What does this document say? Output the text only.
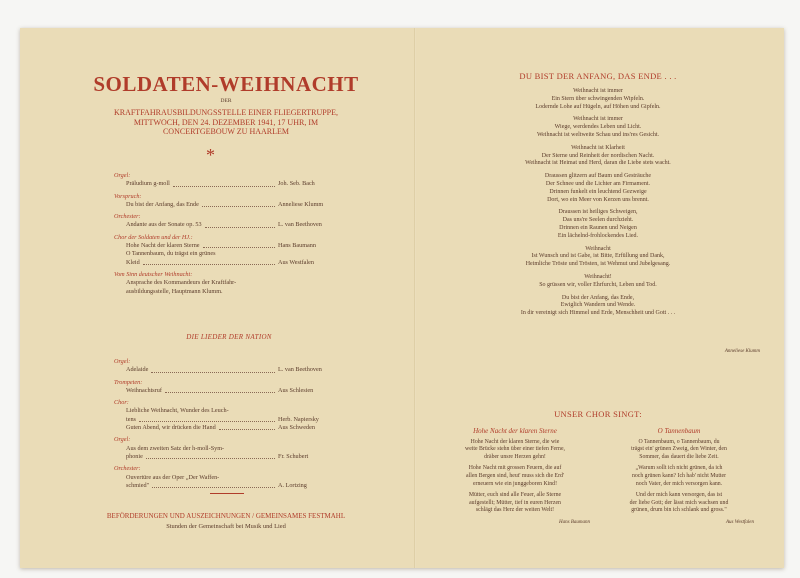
SOLDATEN-WEIHNACHT
DER
KRAFTFAHRAUSBILDUNGSSTELLE EINER FLIEGERTRUPPE,
MITTWOCH, DEN 24. DEZEMBER 1941, 17 UHR, IM
CONCERTGEBOUW ZU HAARLEM
*
Orgel:
Präludium g-moll	Joh. Seb. Bach
Vorspruch:
Du bist der Anfang, das Ende	Anneliese Klumm
Orchester:
Andante aus der Sonate op. 53	L. van Beethoven
Chor der Soldaten und der HJ.:
Hohe Nacht der klaren Sterne	Hans Baumann
O Tannenbaum, du trägst ein grünes
Kleid	Aus Westfalen
Vom Sinn deutscher Weihnacht:
Ansprache des Kommandeurs der Kraftfahr-
ausbildungsstelle, Hauptmann Klumm.
DIE LIEDER DER NATION
Orgel:
Adelaide	L. van Beethoven
Trompeten:
Weihnachtsruf	Aus Schlesien
Chor:
Liebliche Weihnacht, Wunder des Leuch-
tens	Herb. Napiersky
Guten Abend, wir drücken die Hand	Aus Schweden
Orgel:
Aus dem zweiten Satz der h-moll-Sym-
phonie	Fr. Schubert
Orchester:
Ouvertüre aus der Oper „Der Waffen-
schmied"	A. Lortzing
BEFÖRDERUNGEN UND AUSZEICHNUNGEN / GEMEINSAMES FESTMAHL
Stunden der Gemeinschaft bei Musik und Lied
DU BIST DER ANFANG, DAS ENDE . . .
Weihnacht ist immer
Ein Stern über schwingenden Wipfeln.
Lodernde Lohe auf Hügeln, auf Höhen und Gipfeln.
Weihnacht ist immer
Wiege, werdendes Leben und Licht.
Weihnacht ist weltweite Schau und ins'res Gesicht.
Weihnacht ist Klarheit
Der Sterne und Reinheit der nordischen Nacht.
Weihnacht ist Heimat und Herd, daran die Liebe stets wacht.
Draussen glitzern auf Baum und Gesträuche
Der Schnee und die Lichter am Firmament.
Drinnen funkelt ein leuchtend Gezweige
Dort, wo ein Meer von Kerzen uns brennt.
Draussen ist heiliges Schweigen,
Das uns're Seelen durchzieht.
Drinnen ein Raunen und Neigen
Ein lächelnd-frohlockendes Lied.
Weihnacht
Ist Wunsch und ist Gabe, ist Bitte, Erfüllung und Dank,
Heimliche Tröste und Trösten, ist Wehmut und Jubelgesang.
Weihnacht!
So grüssen wir, voller Ehrfurcht, Leben und Tod.
Du bist der Anfang, das Ende,
Ewiglich Wandern und Wende.
In dir vereinigt sich Himmel und Erde, Menschheit und Gott . . .
Anneliese Klumm
UNSER CHOR SINGT:
Hohe Nacht der klaren Sterne
Hohe Nacht der klaren Sterne, die wie
weite Brücke stehn über einer tiefen Ferne,
dräber unsre Herzen gehn!
Hohe Nacht mit grossen Feuern, die auf
allen Bergen sind, heut' muss sich die Erd'
erneuern wie ein junggeboren Kind!
Mütter, euch sind alle Feuer, alle Sterne
aufgestellt; Mütter, tief in euren Herzen
schlägt das Herz der weiten Welt!
Hans Baumann
O Tannenbaum
O Tannenbaum, o Tannenbaum, du
trägst ein' grünen Zweig, den Winter, den
Sommer, das dauert die liebe Zeit.
„Warum sollt ich nicht grünen, da ich
noch grünen kann? Ich hab' nicht Mutter
noch Vater, der mich versorgen kann.
Und der mich kann versorgen, das ist
der liebe Gott; der lässt mich wachsen und
grünen, drum bin ich schlank und gross."
Aus Westfalen
